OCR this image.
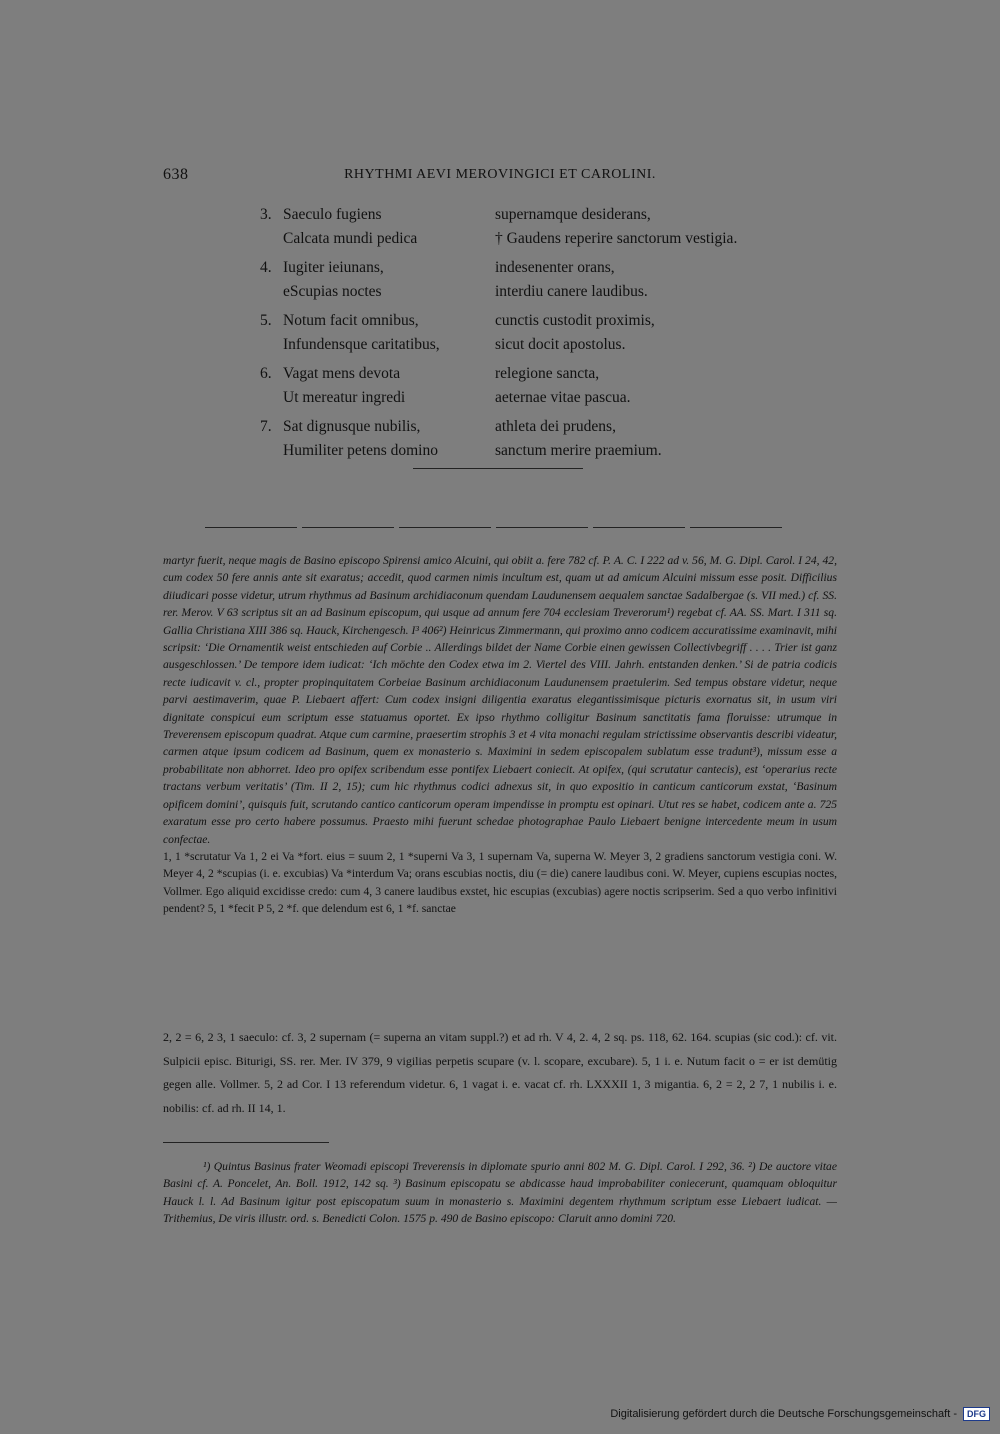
638	RHYTHMI AEVI MEROVINGICI ET CAROLINI.
3. Saeculo fugiens	supernamque desiderans,
Calcata mundi pedica	† Gaudens reperire sanctorum vestigia.
4. Iugiter ieiunans,	indesenenter orans,
eScupias noctes	interdiu canere laudibus.
5. Notum facit omnibus,	cunctis custodit proximis,
Infundensque caritatibus,	sicut docit apostolus.
6. Vagat mens devota	relegione sancta,
Ut mereatur ingredi	aeternae vitae pascua.
7. Sat dignusque nubilis,	athleta dei prudens,
Humiliter petens domino	sanctum merire praemium.

martyr fuerit, neque magis de Basino episcopo Spirensi amico Alcuini, qui obiit a. fere 782 cf. P. A. C. I 222 ad v. 56, M. G. Dipl. Carol. I 24, 42, cum codex 50 fere annis ante sit exaratus; accedit, quod carmen nimis incultum est, quam ut ad amicum Alcuini missum esse posit. Difficilius diiudicari posse videtur, utrum rhythmus ad Basinum archidiaconum quendam Laudunensem aequalem sanctae Sadalbergae (s. VII med.) cf. SS. rer. Merov. V 63 scriptus sit an ad Basinum episcopum, qui usque ad annum fere 704 ecclesiam Treverorum¹) regebat cf. AA. SS. Mart. I 311 sq. Gallia Christiana XIII 386 sq. Hauck, Kirchengesch. I³ 406²) Heinricus Zimmermann, qui proximo anno codicem accuratissime examinavit, mihi scripsit: ‘Die Ornamentik weist entschieden auf Corbie .. Allerdings bildet der Name Corbie einen gewissen Collectivbegriff . . . . Trier ist ganz ausgeschlossen.’ De tempore idem iudicat: ‘Ich möchte den Codex etwa im 2. Viertel des VIII. Jahrh. entstanden denken.’ Si de patria codicis recte iudicavit v. cl., propter propinquitatem Corbeiae Basinum archidiaconum Laudunensem praetulerim. Sed tempus obstare videtur, neque parvi aestimaverim, quae P. Liebaert affert: Cum codex insigni diligentia exaratus elegantissimisque picturis exornatus sit, in usum viri dignitate conspicui eum scriptum esse statuamus oportet. Ex ipso rhythmo colligitur Basinum sanctitatis fama floruisse: utrumque in Treverensem episcopum quadrat. Atque cum carmine, praesertim strophis 3 et 4 vita monachi regulam strictissime observantis describi videatur, carmen atque ipsum codicem ad Basinum, quem ex monasterio s. Maximini in sedem episcopalem sublatum esse tradunt³), missum esse a probabilitate non abhorret. Ideo pro opifex scribendum esse pontifex Liebaert coniecit. At opifex, (qui scrutatur cantecis), est ‘operarius recte tractans verbum veritatis’ (Tim. II 2, 15); cum hic rhythmus codici adnexus sit, in quo expositio in canticum canticorum exstat, ‘Basinum opificem domini’, quisquis fuit, scrutando cantico canticorum operam impendisse in promptu est opinari. Utut res se habet, codicem ante a. 725 exaratum esse pro certo habere possumus. Praesto mihi fuerunt schedae photographae Paulo Liebaert benigne intercedente meum in usum confectae.

1, 1 *scrutatur Va 1, 2 ei Va *fort. eius = suum 2, 1 *superni Va 3, 1 supernam Va, superna W. Meyer 3, 2 gradiens sanctorum vestigia coni. W. Meyer 4, 2 *scupias (i. e. excubias) Va *interdum Va; orans escubias noctis, diu (= die) canere laudibus coni. W. Meyer, cupiens escupias noctes, Vollmer. Ego aliquid excidisse credo: cum 4, 3 canere laudibus exstet, hic escupias (excubias) agere noctis scripserim. Sed a quo verbo infinitivi pendent? 5, 1 *fecit P 5, 2 *f. que delendum est 6, 1 *f. sanctae

2, 2 = 6, 2 3, 1 saeculo: cf. 3, 2 supernam (= superna an vitam suppl.?) et ad rh. V 4, 2. 4, 2 sq. ps. 118, 62. 164. scupias (sic cod.): cf. vit. Sulpicii episc. Biturigi, SS. rer. Mer. IV 379, 9 vigilias perpetis scupare (v. l. scopare, excubare). 5, 1 i. e. Nutum facit o = er ist demütig gegen alle. Vollmer. 5, 2 ad Cor. I 13 referendum videtur. 6, 1 vagat i. e. vacat cf. rh. LXXXII 1, 3 migantia. 6, 2 = 2, 2 7, 1 nubilis i. e. nobilis: cf. ad rh. II 14, 1.

¹) Quintus Basinus frater Weomadi episcopi Treverensis in diplomate spurio anni 802 M. G. Dipl. Carol. I 292, 36. ²) De auctore vitae Basini cf. A. Poncelet, An. Boll. 1912, 142 sq. ³) Basinum episcopatu se abdicasse haud improbabiliter coniecerunt, quamquam obloquitur Hauck l. l. Ad Basinum igitur post episcopatum suum in monasterio s. Maximini degentem rhythmum scriptum esse Liebaert iudicat. — Trithemius, De viris illustr. ord. s. Benedicti Colon. 1575 p. 490 de Basino episcopo: Claruit anno domini 720.

Digitalisierung gefördert durch die Deutsche Forschungsgemeinschaft -	DFG
